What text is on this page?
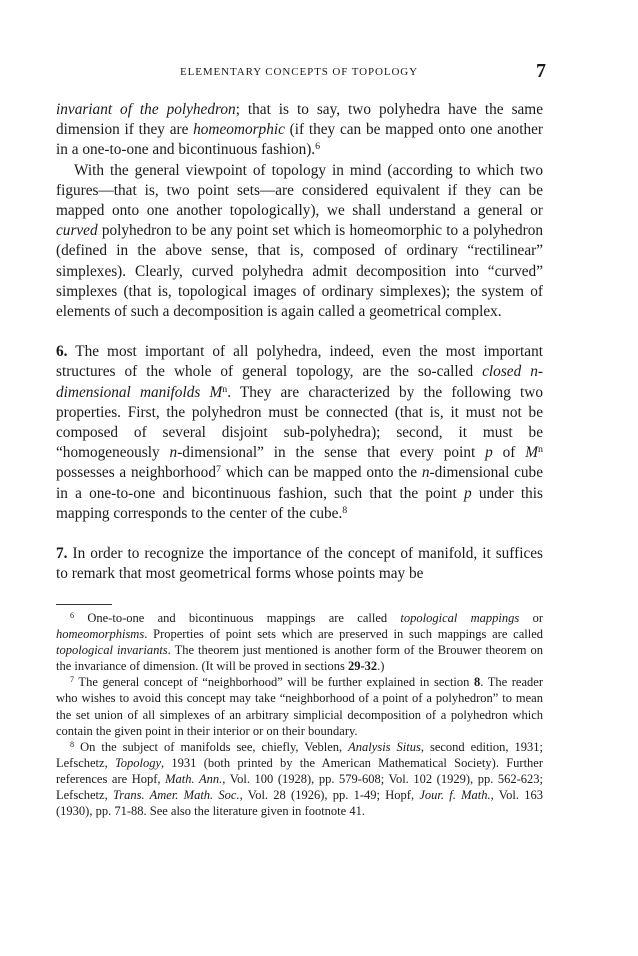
ELEMENTARY CONCEPTS OF TOPOLOGY	7

invariant of the polyhedron; that is to say, two polyhedra have the same dimension if they are homeomorphic (if they can be mapped onto one another in a one-to-one and bicontinuous fashion).$^6$

With the general viewpoint of topology in mind (according to which two figures—that is, two point sets—are considered equivalent if they can be mapped onto one another topologically), we shall understand a general or curved polyhedron to be any point set which is homeomorphic to a polyhedron (defined in the above sense, that is, composed of ordinary “rectilinear” simplexes). Clearly, curved polyhedra admit decomposition into “curved” simplexes (that is, topological images of ordinary simplexes); the system of elements of such a decomposition is again called a geometrical complex.

6. The most important of all polyhedra, indeed, even the most important structures of the whole of general topology, are the so-called closed n-dimensional manifolds $M^n$. They are characterized by the following two properties. First, the polyhedron must be connected (that is, it must not be composed of several disjoint sub-polyhedra); second, it must be “homogeneously n-dimensional” in the sense that every point p of $M^n$ possesses a neighborhood$^7$ which can be mapped onto the n-dimensional cube in a one-to-one and bicontinuous fashion, such that the point p under this mapping corresponds to the center of the cube.$^8$

7. In order to recognize the importance of the concept of manifold, it suffices to remark that most geometrical forms whose points may be

$^6$ One-to-one and bicontinuous mappings are called topological mappings or homeomorphisms. Properties of point sets which are preserved in such mappings are called topological invariants. The theorem just mentioned is another form of the Brouwer theorem on the invariance of dimension. (It will be proved in sections 29-32.)

$^7$ The general concept of “neighborhood” will be further explained in section 8. The reader who wishes to avoid this concept may take “neighborhood of a point of a polyhedron” to mean the set union of all simplexes of an arbitrary simplicial decomposition of a polyhedron which contain the given point in their interior or on their boundary.

$^8$ On the subject of manifolds see, chiefly, Veblen, Analysis Situs, second edition, 1931; Lefschetz, Topology, 1931 (both printed by the American Mathematical Society). Further references are Hopf, Math. Ann., Vol. 100 (1928), pp. 579-608; Vol. 102 (1929), pp. 562-623; Lefschetz, Trans. Amer. Math. Soc., Vol. 28 (1926), pp. 1-49; Hopf, Jour. f. Math., Vol. 163 (1930), pp. 71-88. See also the literature given in footnote 41.
